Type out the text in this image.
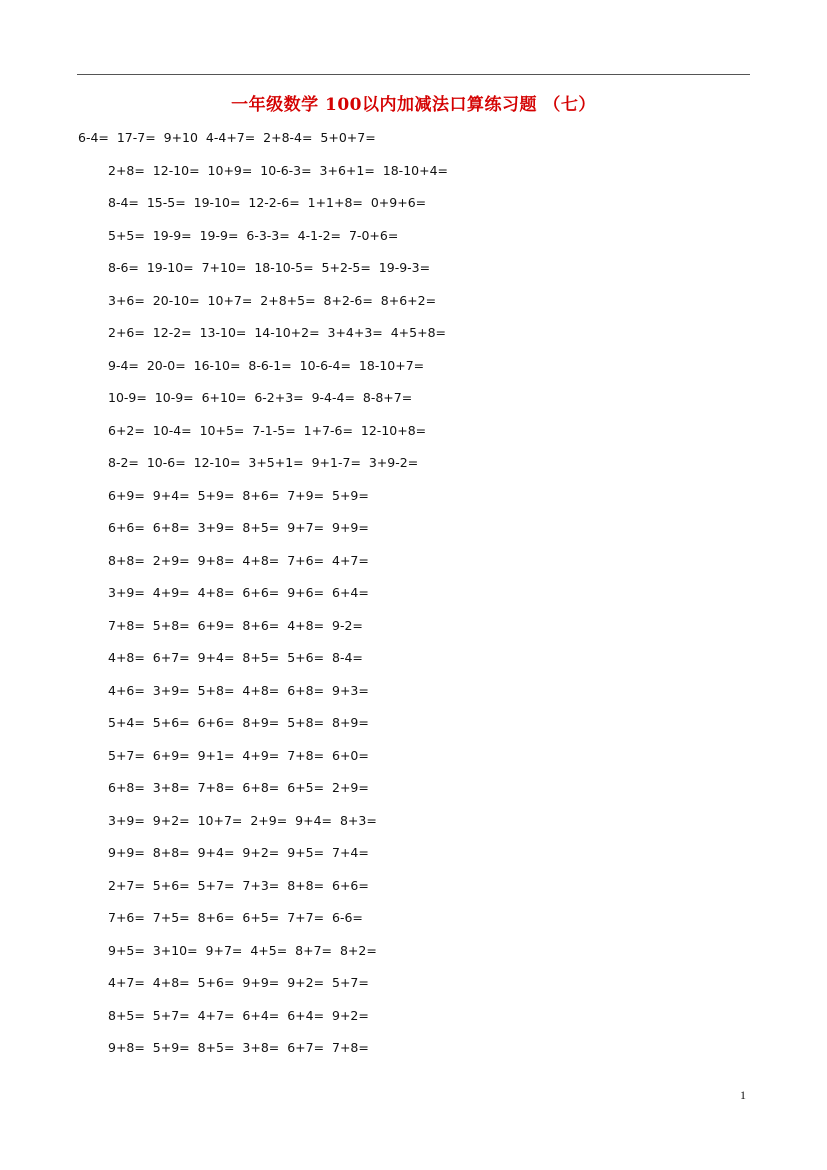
一年级数学 100以内加减法口算练习题 （七）
6-4=  17-7=  9+10  4-4+7=  2+8-4=  5+0+7=
2+8=  12-10=  10+9=  10-6-3=  3+6+1=  18-10+4=
8-4=  15-5=  19-10=  12-2-6=  1+1+8=  0+9+6=
5+5=  19-9=  19-9=  6-3-3=  4-1-2=  7-0+6=
8-6=  19-10=  7+10=  18-10-5=  5+2-5=  19-9-3=
3+6=  20-10=  10+7=  2+8+5=  8+2-6=  8+6+2=
2+6=  12-2=  13-10=  14-10+2=  3+4+3=  4+5+8=
9-4=  20-0=  16-10=  8-6-1=  10-6-4=  18-10+7=
10-9=  10-9=  6+10=  6-2+3=  9-4-4=  8-8+7=
6+2=  10-4=  10+5=  7-1-5=  1+7-6=  12-10+8=
8-2=  10-6=  12-10=  3+5+1=  9+1-7=  3+9-2=
6+9=  9+4=  5+9=  8+6=  7+9=  5+9=
6+6=  6+8=  3+9=  8+5=  9+7=  9+9=
8+8=  2+9=  9+8=  4+8=  7+6=  4+7=
3+9=  4+9=  4+8=  6+6=  9+6=  6+4=
7+8=  5+8=  6+9=  8+6=  4+8=  9-2=
4+8=  6+7=  9+4=  8+5=  5+6=  8-4=
4+6=  3+9=  5+8=  4+8=  6+8=  9+3=
5+4=  5+6=  6+6=  8+9=  5+8=  8+9=
5+7=  6+9=  9+1=  4+9=  7+8=  6+0=
6+8=  3+8=  7+8=  6+8=  6+5=  2+9=
3+9=  9+2=  10+7=  2+9=  9+4=  8+3=
9+9=  8+8=  9+4=  9+2=  9+5=  7+4=
2+7=  5+6=  5+7=  7+3=  8+8=  6+6=
7+6=  7+5=  8+6=  6+5=  7+7=  6-6=
9+5=  3+10=  9+7=  4+5=  8+7=  8+2=
4+7=  4+8=  5+6=  9+9=  9+2=  5+7=
8+5=  5+7=  4+7=  6+4=  6+4=  9+2=
9+8=  5+9=  8+5=  3+8=  6+7=  7+8=
1
